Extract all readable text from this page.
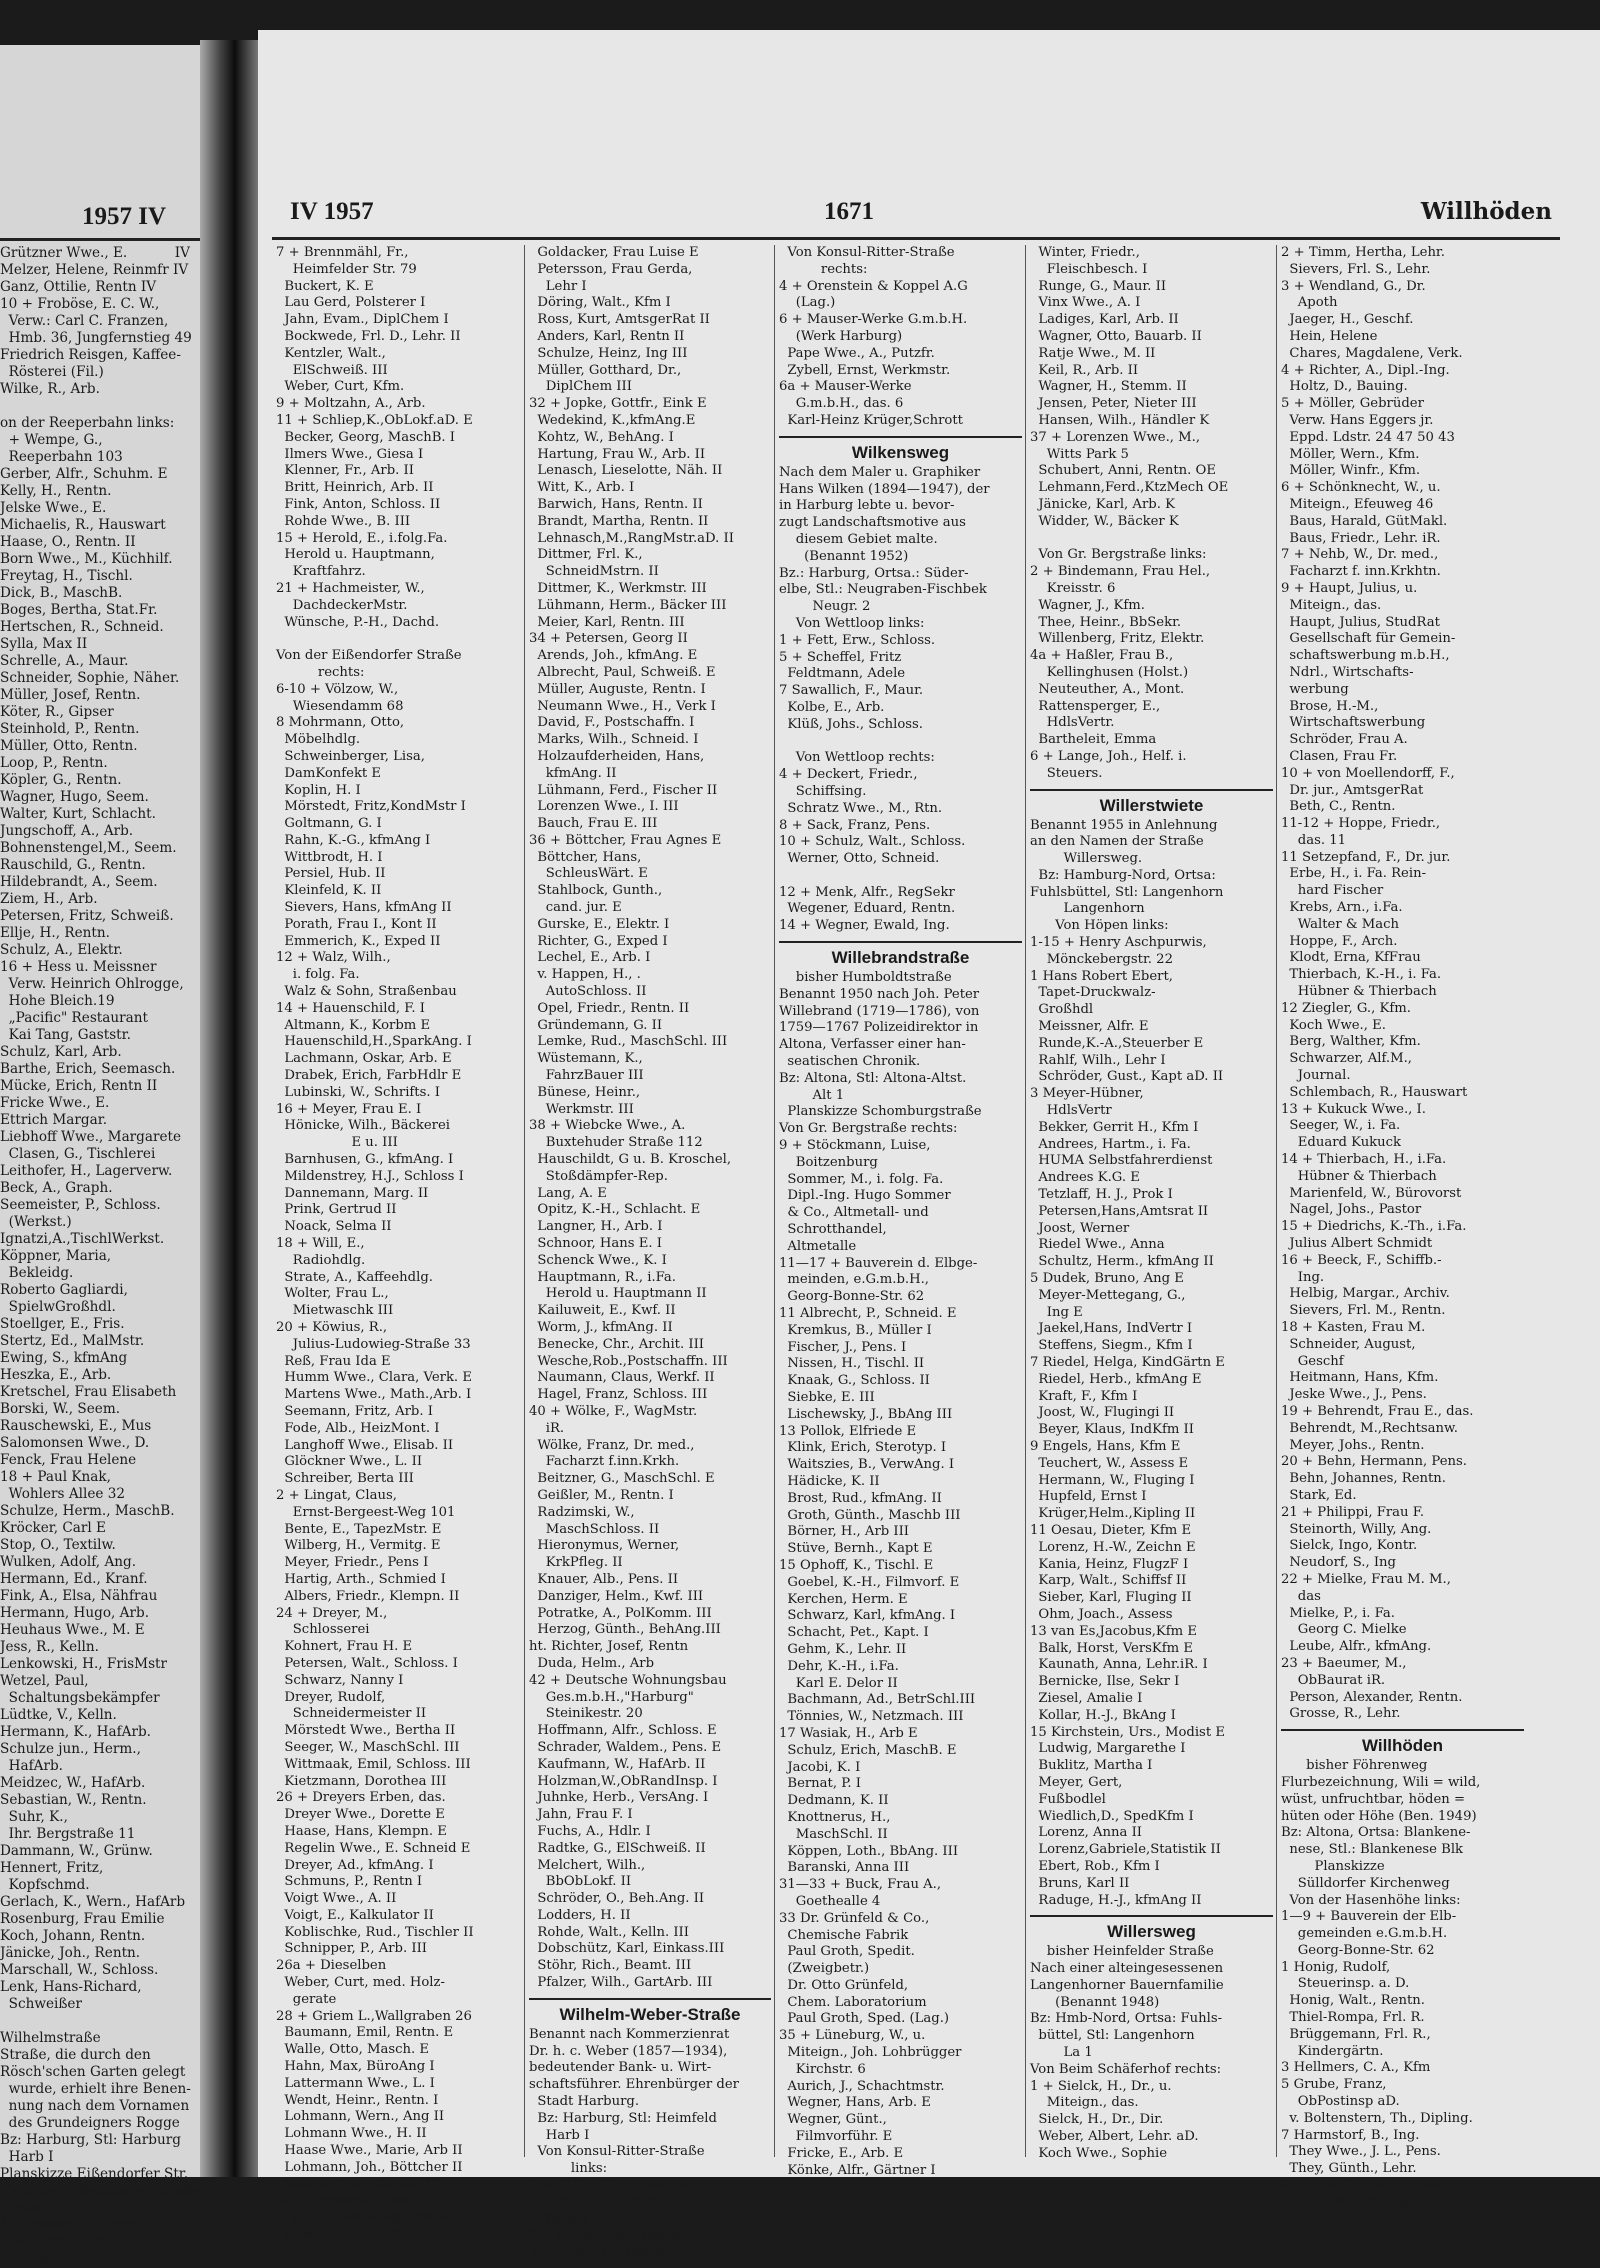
1957 IV
Grützner Wwe., E.           IV
Melzer, Helene, Reinmfr IV
Ganz, Ottilie, Rentn IV
10 + Froböse, E. C. W.,
Verw.: Carl C. Franzen,
Hmb. 36, Jungfernstieg 49
Friedrich Reisgen, Kaffee-
Rösterei (Fil.)
Wilke, R., Arb.

on der Reeperbahn links:
+ Wempe, G.,
Reeperbahn 103
Gerber, Alfr., Schuhm. E
Kelly, H., Rentn.
Jelske Wwe., E.
Michaelis, R., Hauswart
Haase, O., Rentn. II
Born Wwe., M., Küchhilf.
Freytag, H., Tischl.
Dick, B., MaschB.
Boges, Bertha, Stat.Fr.
Hertschen, R., Schneid.
Sylla, Max II
Schrelle, A., Maur.
Schneider, Sophie, Näher.
Müller, Josef, Rentn.
Köter, R., Gipser
Steinhold, P., Rentn.
Müller, Otto, Rentn.
Loop, P., Rentn.
Köpler, G., Rentn.
Wagner, Hugo, Seem.
Walter, Kurt, Schlacht.
Jungschoff, A., Arb.
Bohnenstengel,M., Seem.
Rauschild, G., Rentn.
Hildebrandt, A., Seem.
Ziem, H., Arb.
Petersen, Fritz, Schweiß.
Ellje, H., Rentn.
Schulz, A., Elektr.
16 + Hess u. Meissner
Verw. Heinrich Ohlrogge,
Hohe Bleich.19
„Pacific" Restaurant
Kai Tang, Gaststr.
Schulz, Karl, Arb.
Barthe, Erich, Seemasch.
Mücke, Erich, Rentn II
Fricke Wwe., E.
Ettrich Margar.
Liebhoff Wwe., Margarete
Clasen, G., Tischlerei
Leithofer, H., Lagerverw.
Beck, A., Graph.
Seemeister, P., Schloss.
(Werkst.)
Ignatzi,A.,TischlWerkst.
Köppner, Maria,
Bekleidg.
Roberto Gagliardi,
SpielwGroßhdl.
Stoellger, E., Fris.
Stertz, Ed., MalMstr.
Ewing, S., kfmAng
Heszka, E., Arb.
Kretschel, Frau Elisabeth
Borski, W., Seem.
Rauschewski, E., Mus
Salomonsen Wwe., D.
Fenck, Frau Helene
18 + Paul Knak,
Wohlers Allee 32
Schulze, Herm., MaschB.
Kröcker, Carl E
Stop, O., Textilw.
Wulken, Adolf, Ang.
Hermann, Ed., Kranf.
Fink, A., Elsa, Nähfrau
Hermann, Hugo, Arb.
Heuhaus Wwe., M. E
Jess, R., Kelln.
Lenkowski, H., FrisMstr
Wetzel, Paul,
Schaltungsbekämpfer
Lüdtke, V., Kelln.
Hermann, K., HafArb.
Schulze jun., Herm.,
HafArb.
Meidzec, W., HafArb.
Sebastian, W., Rentn.
Suhr, K.,
Ihr. Bergstraße 11
Dammann, W., Grünw.
Hennert, Fritz,
Kopfschmd.
Gerlach, K., Wern., HafArb
Rosenburg, Frau Emilie
Koch, Johann, Rentn.
Jänicke, Joh., Rentn.
Marschall, W., Schloss.
Lenk, Hans-Richard,
Schweißer

Wilhelmstraße
Straße, die durch den
Rösch'schen Garten gelegt
wurde, erhielt ihre Benen-
nung nach dem Vornamen
des Grundeigners Rogge
Bz: Harburg, Stl: Harburg
Harb I
Planskizze Eißendorfer Str.
Von der Eißendorfer Straße
links:
1 Körstedt, F., Kond.
Wünsch, Gust.,
Storep
IV 1957	1671	Willhöden
7 + Brennmähl, Fr.,
Heimfelder Str. 79
Buckert, K. E
Lau Gerd, Polsterer I
Jahn, Evam., DiplChem I
Bockwede, Frl. D., Lehr. II
Kentzler, Walt.,
ElSchweiß. III
Weber, Curt, Kfm.
9 + Moltzahn, A., Arb.
11 + Schliep,K.,ObLokf.aD. E
Becker, Georg, MaschB. I
Ilmers Wwe., Giesa I
Klenner, Fr., Arb. II
Britt, Heinrich, Arb. II
Fink, Anton, Schloss. II
Rohde Wwe., B. III
15 + Herold, E., i.folg.Fa.
Herold u. Hauptmann,
Kraftfahrz.
21 + Hachmeister, W.,
DachdeckerMstr.
Wünsche, P.-H., Dachd.

Von der Eißendorfer Straße
rechts:
6-10 + Völzow, W.,
Wiesendamm 68
8 Mohrmann, Otto,
Möbelhdlg.
Schweinberger, Lisa,
DamKonfekt E
Koplin, H. I
Mörstedt, Fritz,KondMstr I
Goltmann, G. I
Rahn, K.-G., kfmAng I
Wittbrodt, H. I
Persiel, Hub. II
Kleinfeld, K. II
Sievers, Hans, kfmAng II
Porath, Frau I., Kont II
Emmerich, K., Exped II
12 + Walz, Wilh.,
i. folg. Fa.
Walz & Sohn, Straßenbau
14 + Hauenschild, F. I
Altmann, K., Korbm E
Hauenschild,H.,SparkAng. I
Lachmann, Oskar, Arb. E
Drabek, Erich, FarbHdlr E
Lubinski, W., Schrifts. I
16 + Meyer, Frau E. I
Hönicke, Wilh., Bäckerei
E u. III
Barnhusen, G., kfmAng. I
Mildenstrey, H.J., Schloss I
Dannemann, Marg. II
Prink, Gertrud II
Noack, Selma II
18 + Will, E.,
Radiohdlg.
Strate, A., Kaffeehdlg.
Wolter, Frau L.,
Mietwaschk III
20 + Köwius, R.,
Julius-Ludowieg-Straße 33
Reß, Frau Ida E
Humm Wwe., Clara, Verk. E
Martens Wwe., Math.,Arb. I
Seemann, Fritz, Arb. I
Fode, Alb., HeizMont. I
Langhoff Wwe., Elisab. II
Glöckner Wwe., L. II
Schreiber, Berta III
2 + Lingat, Claus,
Ernst-Bergeest-Weg 101
Bente, E., TapezMstr. E
Wilberg, H., Vermitg. E
Meyer, Friedr., Pens I
Hartig, Arth., Schmied I
Albers, Friedr., Klempn. II
24 + Dreyer, M.,
Schlosserei
Kohnert, Frau H. E
Petersen, Walt., Schloss. I
Schwarz, Nanny I
Dreyer, Rudolf,
Schneidermeister II
Mörstedt Wwe., Bertha II
Seeger, W., MaschSchl. III
Wittmaak, Emil, Schloss. III
Kietzmann, Dorothea III
26 + Dreyers Erben, das.
Dreyer Wwe., Dorette E
Haase, Hans, Klempn. E
Regelin Wwe., E. Schneid E
Dreyer, Ad., kfmAng. I
Schmuns, P., Rentn I
Voigt Wwe., A. II
Voigt, E., Kalkulator II
Koblischke, Rud., Tischler II
Schnipper, P., Arb. III
26a + Dieselben
Weber, Curt, med. Holz-
gerate
28 + Griem L.,Wallgraben 26
Baumann, Emil, Rentn. E
Walle, Otto, Masch. E
Hahn, Max, BüroAng I
Lattermann Wwe., L. I
Wendt, Heinr., Rentn. I
Lohmann, Wern., Ang II
Lohmann Wwe., H. II
Haase Wwe., Marie, Arb II
Lohmann, Joh., Böttcher II
Wolter, Erw., Dachd. III
30 + Sprengel, Frau Elly,
Julius-Ludowieg-Straße 22
Rowohlt,Herm.,Diakon E
Goldacker, Frau Luise E
Petersson, Frau Gerda,
Lehr I
Döring, Walt., Kfm I
Ross, Kurt, AmtsgerRat II
Anders, Karl, Rentn II
Schulze, Heinz, Ing III
Müller, Gotthard, Dr.,
DiplChem III
32 + Jopke, Gottfr., Eink E
Wedekind, K.,kfmAng.E
Kohtz, W., BehAng. I
Hartung, Frau W., Arb. II
Lenasch, Lieselotte, Näh. II
Witt, K., Arb. I
Barwich, Hans, Rentn. II
Brandt, Martha, Rentn. II
Lehnasch,M.,RangMstr.aD. II
Dittmer, Frl. K.,
SchneidMstrn. II
Dittmer, K., Werkmstr. III
Lühmann, Herm., Bäcker III
Meier, Karl, Rentn. III
34 + Petersen, Georg II
Arends, Joh., kfmAng. E
Albrecht, Paul, Schweiß. E
Müller, Auguste, Rentn. I
Neumann Wwe., H., Verk I
David, F., Postschaffn. I
Marks, Wilh., Schneid. I
Holzaufderheiden, Hans,
kfmAng. II
Lühmann, Ferd., Fischer II
Lorenzen Wwe., I. III
Bauch, Frau E. III
36 + Böttcher, Frau Agnes E
Böttcher, Hans,
SchleusWärt. E
Stahlbock, Gunth.,
cand. jur. E
Gurske, E., Elektr. I
Richter, G., Exped I
Lechel, E., Arb. I
v. Happen, H., .
AutoSchloss. II
Opel, Friedr., Rentn. II
Gründemann, G. II
Lemke, Rud., MaschSchl. III
Wüstemann, K.,
FahrzBauer III
Bünese, Heinr.,
Werkmstr. III
38 + Wiebcke Wwe., A.
Buxtehuder Straße 112
Hauschildt, G u. B. Kroschel,
Stoßdämpfer-Rep.
Lang, A. E
Opitz, K.-H., Schlacht. E
Langner, H., Arb. I
Schnoor, Hans E. I
Schenck Wwe., K. I
Hauptmann, R., i.Fa.
Herold u. Hauptmann II
Kailuweit, E., Kwf. II
Worm, J., kfmAng. II
Benecke, Chr., Archit. III
Wesche,Rob.,Postschaffn. III
Naumann, Claus, Werkf. II
Hagel, Franz, Schloss. III
40 + Wölke, F., WagMstr.
iR.
Wölke, Franz, Dr. med.,
Facharzt f.inn.Krkh.
Beitzner, G., MaschSchl. E
Geißler, M., Rentn. I
Radzimski, W.,
MaschSchloss. II
Hieronymus, Werner,
KrkPfleg. II
Knauer, Alb., Pens. II
Danziger, Helm., Kwf. III
Potratke, A., PolKomm. III
Herzog, Günth., BehAng.III
ht. Richter, Josef, Rentn
Duda, Helm., Arb
42 + Deutsche Wohnungsbau
Ges.m.b.H.,"Harburg"
Steinikestr. 20
Hoffmann, Alfr., Schloss. E
Schrader, Waldem., Pens. E
Kaufmann, W., HafArb. II
Holzman,W.,ObRandInsp. I
Juhnke, Herb., VersAng. I
Jahn, Frau F. I
Fuchs, A., Hdlr. I
Radtke, G., ElSchweiß. II
Melchert, Wilh.,
BbObLokf. II
Schröder, O., Beh.Ang. II
Lodders, H. II
Rohde, Walt., Kelln. III
Dobschütz, Karl, Einkass.III
Stöhr, Rich., Beamt. III
Pfalzer, Wilh., GartArb. III
Wilhelm-Weber-Straße
Benannt nach Kommerzienrat
Dr. h. c. Weber (1857—1934),
bedeutender Bank- u. Wirt-
schaftsführer. Ehrenbürger der
Stadt Harburg.
Bz: Harburg, Stl: Heimfeld
Harb I
Von Konsul-Ritter-Straße
links:
3 + FUTAG Karl-Heinrich
Scherkamp, Futterm.-
Fabrik
7 + Ritter, Aug., HafArb.
9 + Stuhr, H., HafArb.
Von Konsul-Ritter-Straße
rechts:
4 + Orenstein & Koppel A.G
(Lag.)
6 + Mauser-Werke G.m.b.H.
(Werk Harburg)
Pape Wwe., A., Putzfr.
Zybell, Ernst, Werkmstr.
6a + Mauser-Werke
G.m.b.H., das. 6
Karl-Heinz Krüger,Schrott
Wilkensweg
Nach dem Maler u. Graphiker
Hans Wilken (1894—1947), der
in Harburg lebte u. bevor-
zugt Landschaftsmotive aus
diesem Gebiet malte.
(Benannt 1952)
Bz.: Harburg, Ortsa.: Süder-
elbe, Stl.: Neugraben-Fischbek
Neugr. 2
Von Wettloop links:
1 + Fett, Erw., Schloss.
5 + Scheffel, Fritz
Feldtmann, Adele
7 Sawallich, F., Maur.
Kolbe, E., Arb.
Klüß, Johs., Schloss.

Von Wettloop rechts:
4 + Deckert, Friedr.,
Schiffsing.
Schratz Wwe., M., Rtn.
8 + Sack, Franz, Pens.
10 + Schulz, Walt., Schloss.
Werner, Otto, Schneid.

12 + Menk, Alfr., RegSekr
Wegener, Eduard, Rentn.
14 + Wegner, Ewald, Ing.
Willebrandstraße
bisher Humboldtstraße
Benannt 1950 nach Joh. Peter
Willebrand (1719—1786), von
1759—1767 Polizeidirektor in
Altona, Verfasser einer han-
seatischen Chronik.
Bz: Altona, Stl: Altona-Altst.
Alt 1
Planskizze Schomburgstraße
Von Gr. Bergstraße rechts:
9 + Stöckmann, Luise,
Boitzenburg
Sommer, M., i. folg. Fa.
Dipl.-Ing. Hugo Sommer
& Co., Altmetall- und
Schrotthandel,
Altmetalle
11—17 + Bauverein d. Elbge-
meinden, e.G.m.b.H.,
Georg-Bonne-Str. 62
11 Albrecht, P., Schneid. E
Kremkus, B., Müller I
Fischer, J., Pens. I
Nissen, H., Tischl. II
Knaak, G., Schloss. II
Siebke, E. III
Lischewsky, J., BbAng III
13 Pollok, Elfriede E
Klink, Erich, Sterotyp. I
Waitszies, B., VerwAng. I
Hädicke, K. II
Brost, Rud., kfmAng. II
Groth, Günth., Maschb III
Börner, H., Arb III
Stüve, Bernh., Kapt E
15 Ophoff, K., Tischl. E
Goebel, K.-H., Filmvorf. E
Kerchen, Herm. E
Schwarz, Karl, kfmAng. I
Schacht, Pet., Kapt. I
Gehm, K., Lehr. II
Dehr, K.-H., i.Fa.
Karl E. Delor II
Bachmann, Ad., BetrSchl.III
Tönnies, W., Netzmach. III
17 Wasiak, H., Arb E
Schulz, Erich, MaschB. E
Jacobi, K. I
Bernat, P. I
Dedmann, K. II
Knottnerus, H.,
MaschSchl. II
Köppen, Loth., BbAng. III
Baranski, Anna III
31—33 + Buck, Frau A.,
Goethealle 4
33 Dr. Grünfeld & Co.,
Chemische Fabrik
Paul Groth, Spedit.
(Zweigbetr.)
Dr. Otto Grünfeld,
Chem. Laboratorium
Paul Groth, Sped. (Lag.)
35 + Lüneburg, W., u.
Miteign., Joh. Lohbrügger
Kirchstr. 6
Aurich, J., Schachtmstr.
Wegner, Hans, Arb. E
Wegner, Günt.,
Filmvorführ. E
Fricke, E., Arb. E
Könke, Alfr., Gärtner I
Winter, Friedr.,
Fleischbesch. I
Runge, G., Maur. II
Vinx Wwe., A. I
Ladiges, Karl, Arb. II
Wagner, Otto, Bauarb. II
Ratje Wwe., M. II
Keil, R., Arb. II
Wagner, H., Stemm. II
Jensen, Peter, Nieter III
Hansen, Wilh., Händler K
37 + Lorenzen Wwe., M.,
Witts Park 5
Schubert, Anni, Rentn. OE
Lehmann,Ferd.,KtzMech OE
Jänicke, Karl, Arb. K
Widder, W., Bäcker K

Von Gr. Bergstraße links:
2 + Bindemann, Frau Hel.,
Kreisstr. 6
Wagner, J., Kfm.
Thee, Heinr., BbSekr.
Willenberg, Fritz, Elektr.
4a + Haßler, Frau B.,
Kellinghusen (Holst.)
Neuteuther, A., Mont.
Rattensperger, E.,
HdlsVertr.
Bartheleit, Emma
6 + Lange, Joh., Helf. i.
Steuers.
Willerstwiete
Benannt 1955 in Anlehnung
an den Namen der Straße
Willersweg.
Bz: Hamburg-Nord, Ortsa:
Fuhlsbüttel, Stl: Langenhorn
Langenhorn
Von Höpen links:
1-15 + Henry Aschpurwis,
Mönckebergstr. 22
1 Hans Robert Ebert,
Tapet-Druckwalz-
Großhdl
Meissner, Alfr. E
Runde,K.-A.,Steuerber E
Rahlf, Wilh., Lehr I
Schröder, Gust., Kapt aD. II
3 Meyer-Hübner,
HdlsVertr
Bekker, Gerrit H., Kfm I
Andrees, Hartm., i. Fa.
HUMA Selbstfahrerdienst
Andrees K.G. E
Tetzlaff, H. J., Prok I
Petersen,Hans,Amtsrat II
Joost, Werner
Riedel Wwe., Anna
Schultz, Herm., kfmAng II
5 Dudek, Bruno, Ang E
Meyer-Mettegang, G.,
Ing E
Jaekel,Hans, IndVertr I
Steffens, Siegm., Kfm I
7 Riedel, Helga, KindGärtn E
Riedel, Herb., kfmAng E
Kraft, F., Kfm I
Joost, W., Flugingi II
Beyer, Klaus, IndKfm II
9 Engels, Hans, Kfm E
Teuchert, W., Assess E
Hermann, W., Fluging I
Hupfeld, Ernst I
Krüger,Helm.,Kipling II
11 Oesau, Dieter, Kfm E
Lorenz, H.-W., Zeichn E
Kania, Heinz, FlugzF I
Karp, Walt., Schiffsf II
Sieber, Karl, Fluging II
Ohm, Joach., Assess
13 van Es,Jacobus,Kfm E
Balk, Horst, VersKfm E
Kaunath, Anna, Lehr.iR. I
Bernicke, Ilse, Sekr I
Ziesel, Amalie I
Kollar, H.-J., BkAng I
15 Kirchstein, Urs., Modist E
Ludwig, Margarethe I
Buklitz, Martha I
Meyer, Gert,
Fußbodlel
Wiedlich,D., SpedKfm I
Lorenz, Anna II
Lorenz,Gabriele,Statistik II
Ebert, Rob., Kfm I
Bruns, Karl II
Raduge, H.-J., kfmAng II
Willersweg
bisher Heinfelder Straße
Nach einer alteingesessenen
Langenhorner Bauernfamilie
(Benannt 1948)
Bz: Hmb-Nord, Ortsa: Fuhls-
büttel, Stl: Langenhorn
La 1
Von Beim Schäferhof rechts:
1 + Sielck, H., Dr., u.
Miteign., das.
Sielck, H., Dr., Dir.
Weber, Albert, Lehr. aD.
Koch Wwe., Sophie
2 + Timm, Hertha, Lehr.
Sievers, Frl. S., Lehr.
3 + Wendland, G., Dr.
Apoth
Jaeger, H., Geschf.
Hein, Helene
Chares, Magdalene, Verk.
4 + Richter, A., Dipl.-Ing.
Holtz, D., Bauing.
5 + Möller, Gebrüder
Verw. Hans Eggers jr.
Eppd. Ldstr. 24 47 50 43
Möller, Wern., Kfm.
Möller, Winfr., Kfm.
6 + Schönknecht, W., u.
Miteign., Efeuweg 46
Baus, Harald, GütMakl.
Baus, Friedr., Lehr. iR.
7 + Nehb, W., Dr. med.,
Facharzt f. inn.Krkhtn.
9 + Haupt, Julius, u.
Miteign., das.
Haupt, Julius, StudRat
Gesellschaft für Gemein-
schaftswerbung m.b.H.,
Ndrl., Wirtschafts-
werbung
Brose, H.-M.,
Wirtschaftswerbung
Schröder, Frau A.
Clasen, Frau Fr.
10 + von Moellendorff, F.,
Dr. jur., AmtsgerRat
Beth, C., Rentn.
11-12 + Hoppe, Friedr.,
das. 11
11 Setzepfand, F., Dr. jur.
Erbe, H., i. Fa. Rein-
hard Fischer
Krebs, Arn., i.Fa.
Walter & Mach
Hoppe, F., Arch.
Klodt, Erna, KfFrau
Thierbach, K.-H., i. Fa.
Hübner & Thierbach
12 Ziegler, G., Kfm.
Koch Wwe., E.
Berg, Walther, Kfm.
Schwarzer, Alf.M.,
Journal.
Schlembach, R., Hauswart
13 + Kukuck Wwe., I.
Seeger, W., i. Fa.
Eduard Kukuck
14 + Thierbach, H., i.Fa.
Hübner & Thierbach
Marienfeld, W., Bürovorst
Nagel, Johs., Pastor
15 + Diedrichs, K.-Th., i.Fa.
Julius Albert Schmidt
16 + Beeck, F., Schiffb.-
Ing.
Helbig, Margar., Archiv.
Sievers, Frl. M., Rentn.
18 + Kasten, Frau M.
Schneider, August,
Geschf
Heitmann, Hans, Kfm.
Jeske Wwe., J., Pens.
19 + Behrendt, Frau E., das.
Behrendt, M.,Rechtsanw.
Meyer, Johs., Rentn.
20 + Behn, Hermann, Pens.
Behn, Johannes, Rentn.
Stark, Ed.
21 + Philippi, Frau F.
Steinorth, Willy, Ang.
Sielck, Ingo, Kontr.
Neudorf, S., Ing
22 + Mielke, Frau M. M.,
das
Mielke, P., i. Fa.
Georg C. Mielke
Leube, Alfr., kfmAng.
23 + Baeumer, M.,
ObBaurat iR.
Person, Alexander, Rentn.
Grosse, R., Lehr.
Willhöden
bisher Föhrenweg
Flurbezeichnung, Wili = wild,
wüst, unfruchtbar, höden =
hüten oder Höhe (Ben. 1949)
Bz: Altona, Ortsa: Blankene-
nese, Stl.: Blankenese Blk
Planskizze
Sülldorfer Kirchenweg
Von der Hasenhöhe links:
1—9 + Bauverein der Elb-
gemeinden e.G.m.b.H.
Georg-Bonne-Str. 62
1 Honig, Rudolf,
Steuerinsp. a. D.
Honig, Walt., Rentn.
Thiel-Rompa, Frl. R.
Brüggemann, Frl. R.,
Kindergärtn.
3 Hellmers, C. A., Kfm
5 Grube, Franz,
ObPostinsp aD.
v. Boltenstern, Th., Dipling.
7 Harmstorf, B., Ing.
They Wwe., J. L., Pens.
They, Günth., Lehr.
9 Lüthje, Frl. A., Postsekr.
Ekker, R., kfmAng.
